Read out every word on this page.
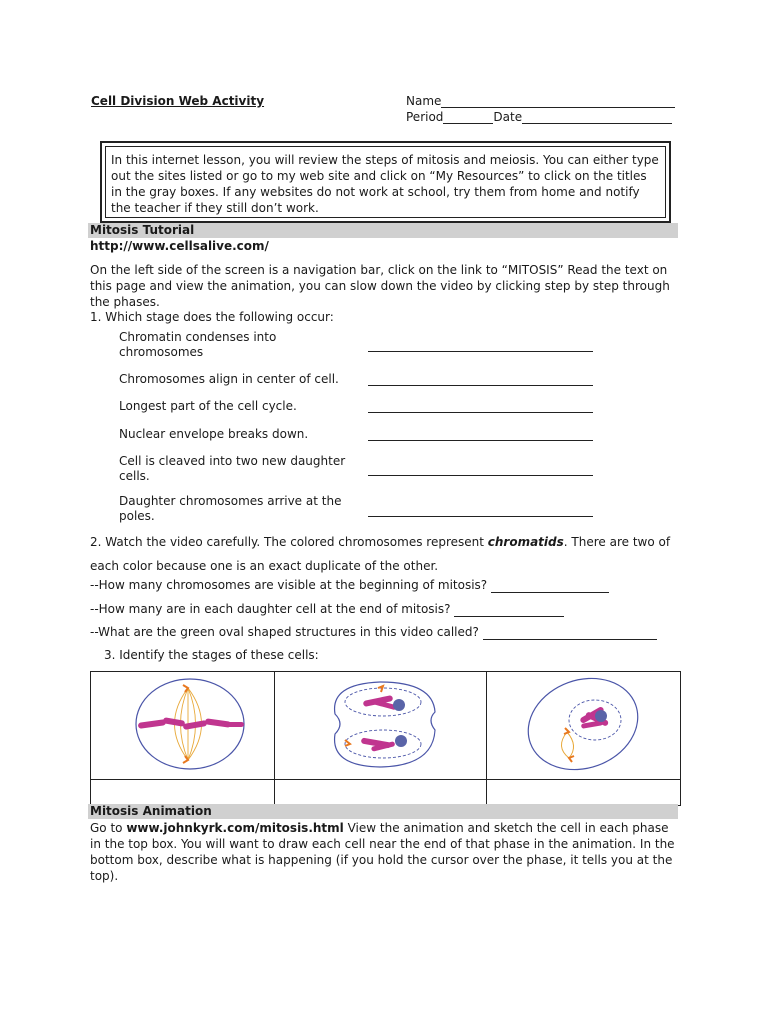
Cell Division Web Activity	Name
Period	Date
In this internet lesson, you will review the steps of mitosis and meiosis. You can either type out the sites listed or go to my web site and click on “My Resources” to click on the titles in the gray boxes. If any websites do not work at school, try them from home and notify the teacher if they still don’t work.
Mitosis Tutorial
http://www.cellsalive.com/
On the left side of the screen is a navigation bar, click on the link to “MITOSIS” Read the text on this page and view the animation, you can slow down the video by clicking step by step through the phases.
1. Which stage does the following occur:
Chromatin condenses into chromosomes
Chromosomes align in center of cell.
Longest part of the cell cycle.
Nuclear envelope breaks down.
Cell is cleaved into two new daughter cells.
Daughter chromosomes arrive at the poles.
2. Watch the video carefully. The colored chromosomes represent chromatids. There are two of each color because one is an exact duplicate of the other.
--How many chromosomes are visible at the beginning of mitosis?
--How many are in each daughter cell at the end of mitosis?
--What are the green oval shaped structures in this video called?
3. Identify the stages of these cells:

Mitosis Animation
Go to www.johnkyrk.com/mitosis.html View the animation and sketch the cell in each phase in the top box. You will want to draw each cell near the end of that phase in the animation. In the bottom box, describe what is happening (if you hold the cursor over the phase, it tells you at the top).
